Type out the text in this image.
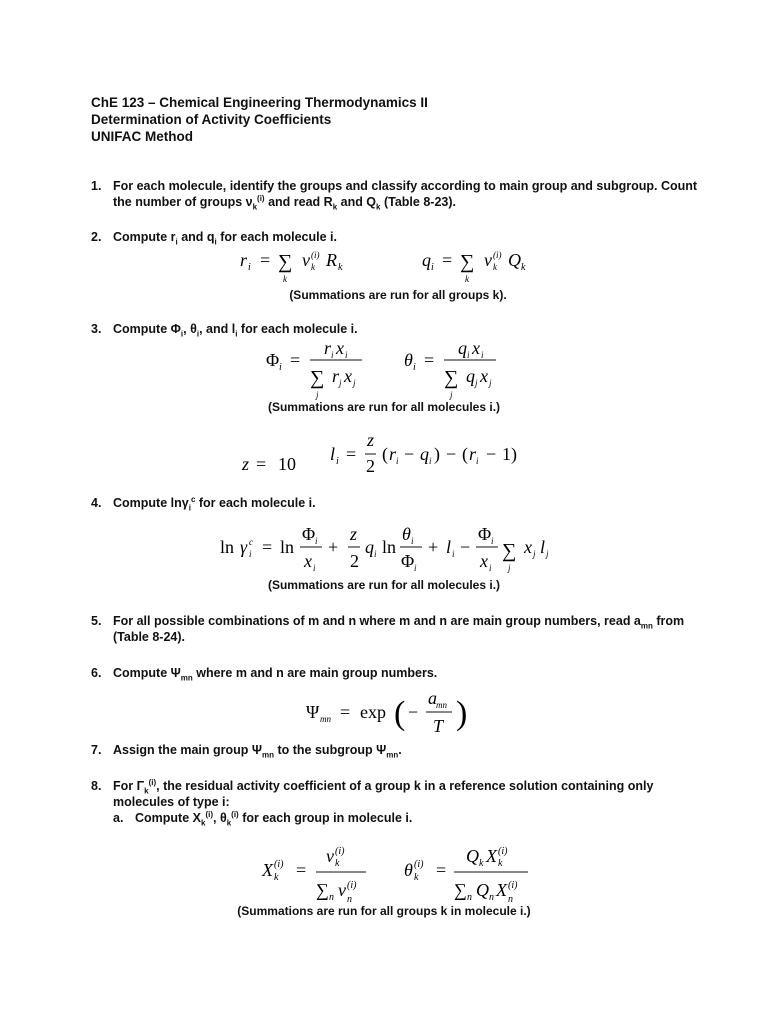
ChE 123 – Chemical Engineering Thermodynamics II
Determination of Activity Coefficients
UNIFAC Method
1. For each molecule, identify the groups and classify according to main group and subgroup. Count
the number of groups $\nu_k^{(i)}$ and read $R_k$ and $Q_k$ (Table 8-23).
2. Compute $r_i$ and $q_i$ for each molecule i.
r i = ∑
k
ν (i)
k R k	q i = ∑
k
ν (i)
k Q k
(Summations are run for all groups k).
3. Compute $\Phi_i$, $\theta_i$, and $l_i$ for each molecule i.
Φ i =
r i x i
∑
j
r j x j
θ i =
q i x i
∑
j
q j x j
(Summations are run for all molecules i.)
z = 10 l i =
z
2
( r i − q i ) − ( r i − 1 )
4. Compute lnγ$_i^c$ for each molecule i.
ln γ i
c = ln
Φ i
x i
+
z
2
q i ln
θ i
Φ i
+ l i −
Φ i
x i
∑
j
x j l j
(Summations are run for all molecules i.)
5. For all possible combinations of m and n where m and n are main group numbers, read $a_{mn}$ from
(Table 8-24).
6. Compute $\Psi_{mn}$ where m and n are main group numbers.
Ψ mn = exp ( −
a mn
T )
7. Assign the main group $\Psi_{mn}$ to the subgroup $\Psi_{mn}$.
8. For $\Gamma_k^{(i)}$, the residual activity coefficient of a group k in a reference solution containing only
molecules of type i:
a. Compute $X_k^{(i)}$, $\theta_k^{(i)}$ for each group in molecule i.
X k
(i) =
ν (i)
k
∑ n ν (i)
n
θ k
(i) =
Q k X (i)
k
∑ n Q n X (i)
n
(Summations are run for all groups k in molecule i.)
